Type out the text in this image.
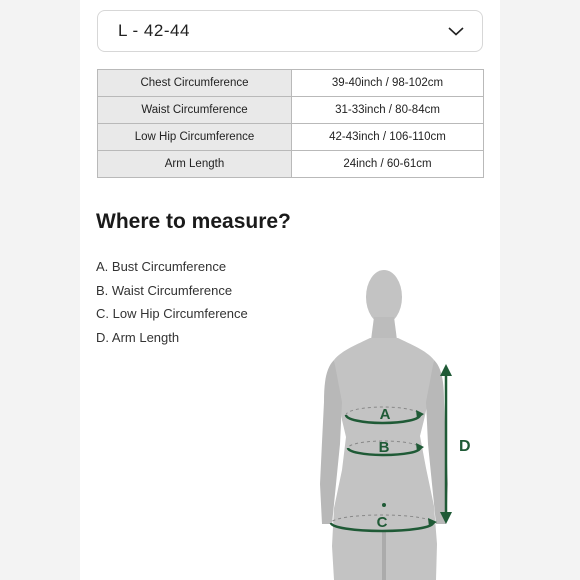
L - 42-44
Chest Circumference	39-40inch / 98-102cm
Waist Circumference	31-33inch / 80-84cm
Low Hip Circumference	42-43inch / 106-110cm
Arm Length	24inch / 60-61cm
Where to measure?
A. Bust Circumference
B. Waist Circumference
C. Low Hip Circumference
D. Arm Length
A
B
C
D
